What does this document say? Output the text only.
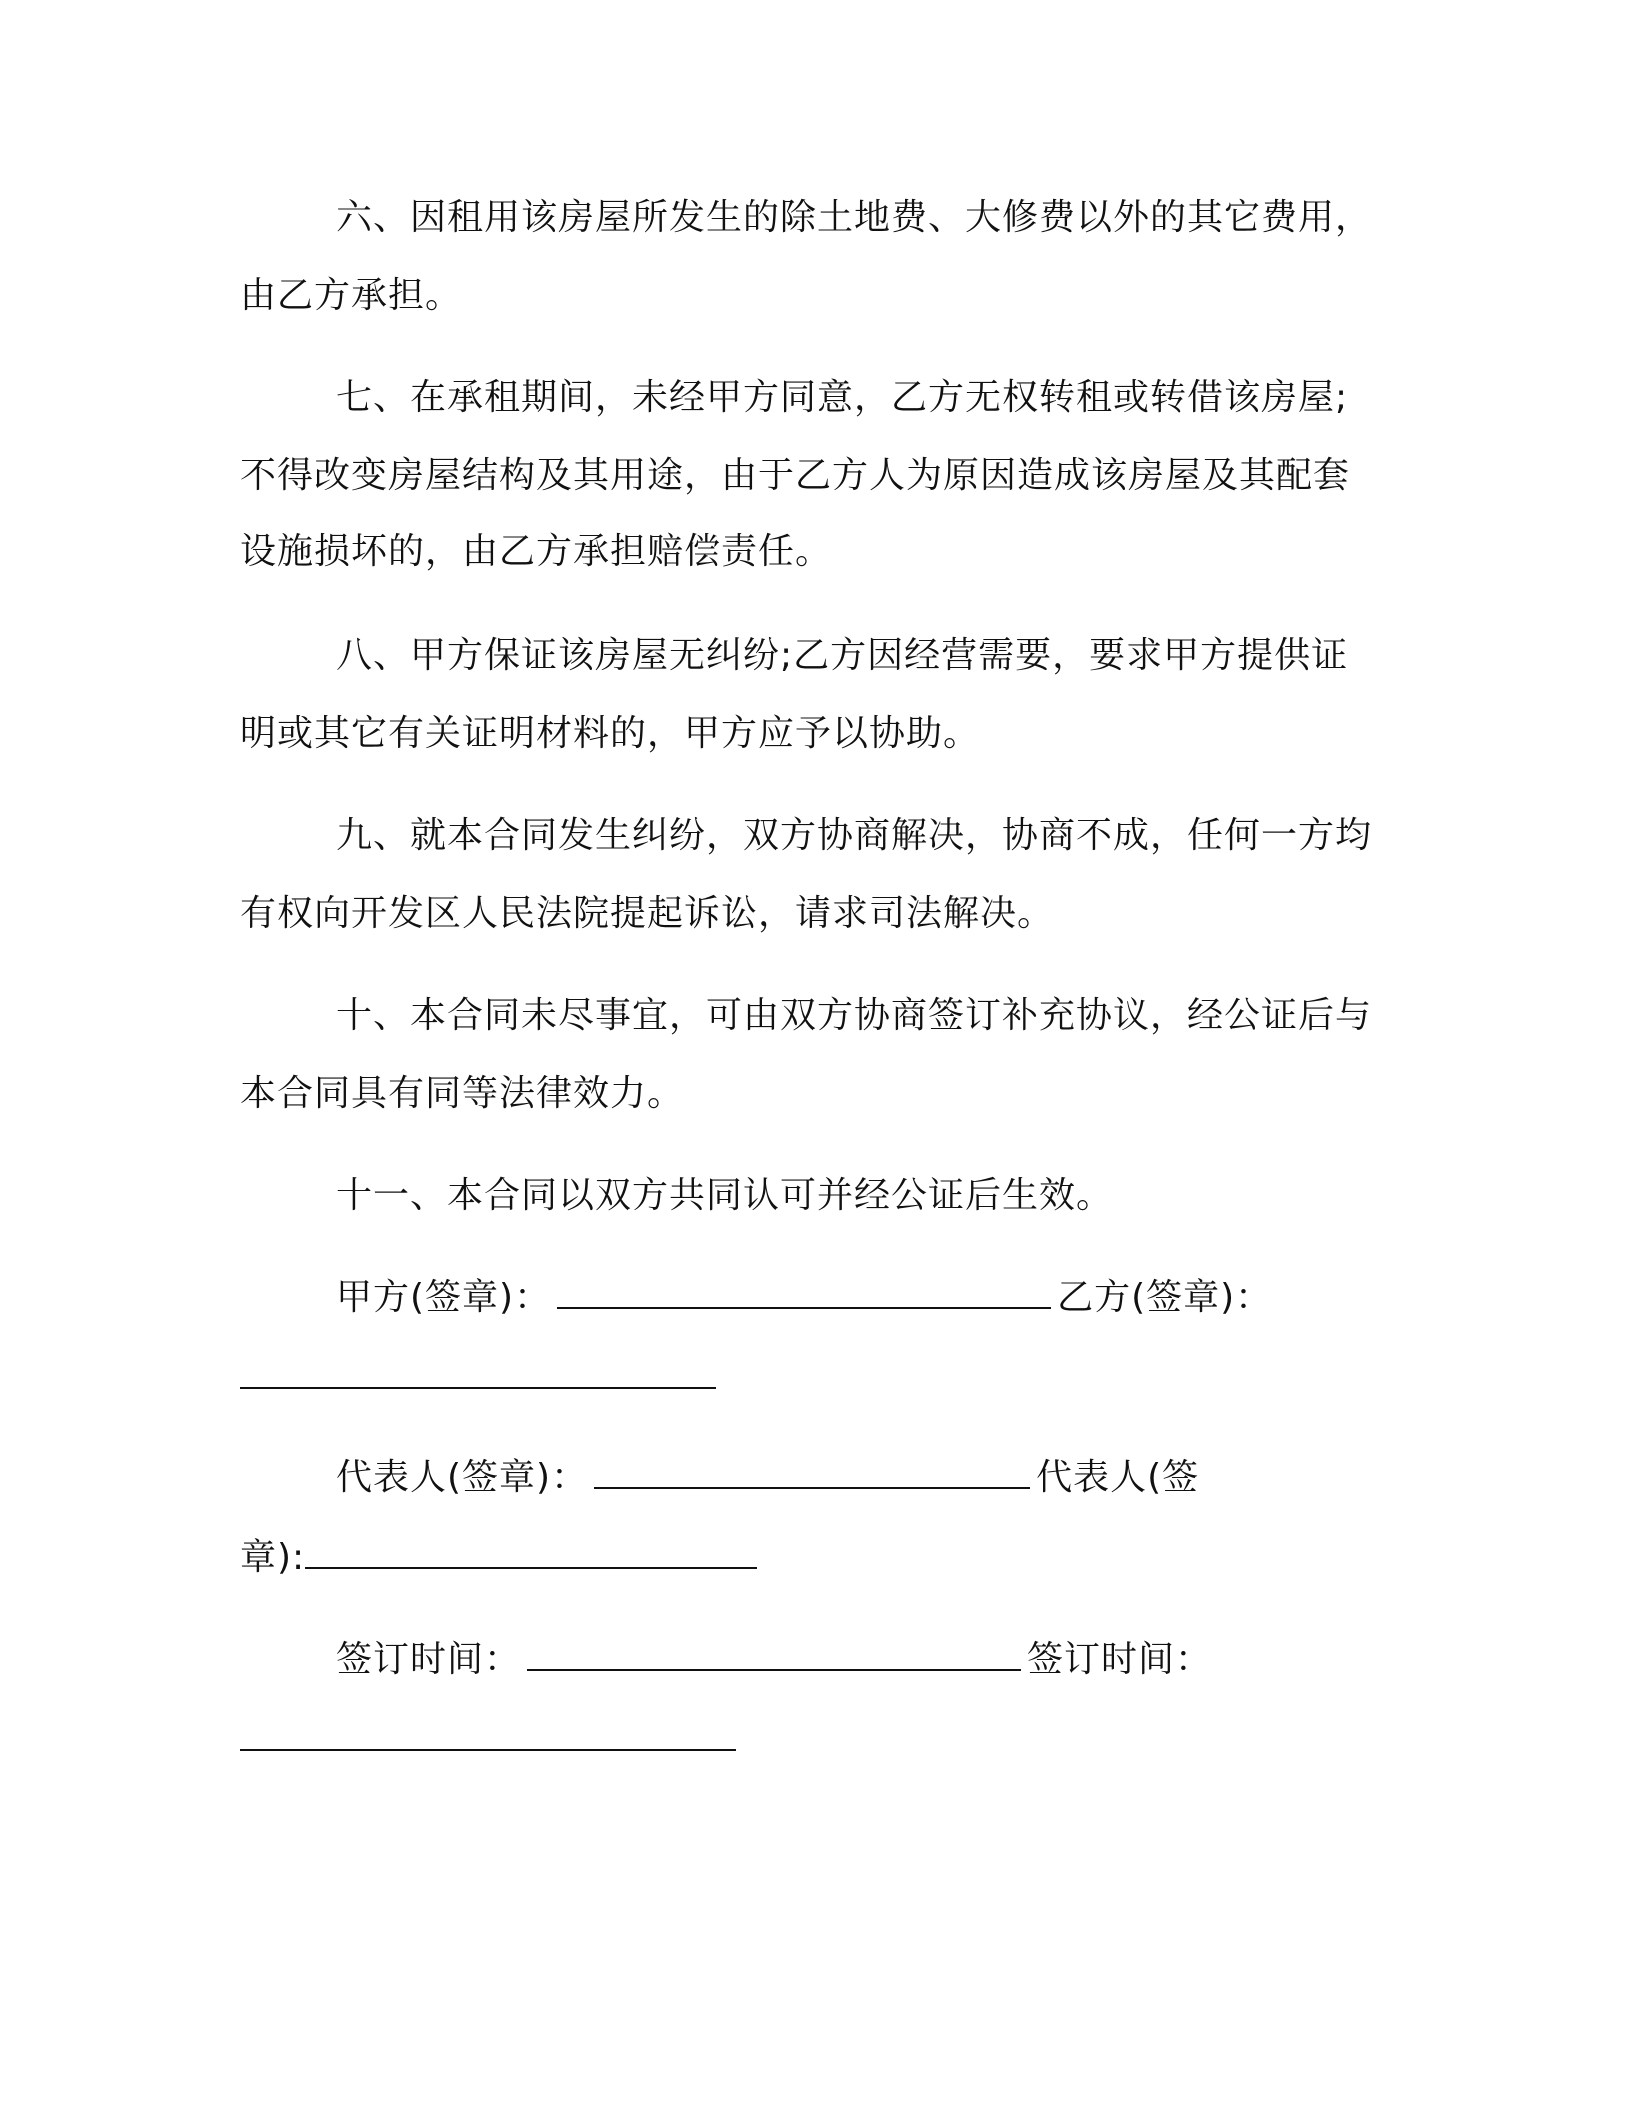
六、因租用该房屋所发生的除土地费、大修费以外的其它费用，
由乙方承担。
七、在承租期间，未经甲方同意，乙方无权转租或转借该房屋;
不得改变房屋结构及其用途，由于乙方人为原因造成该房屋及其配套
设施损坏的，由乙方承担赔偿责任。
八、甲方保证该房屋无纠纷;乙方因经营需要，要求甲方提供证
明或其它有关证明材料的，甲方应予以协助。
九、就本合同发生纠纷，双方协商解决，协商不成，任何一方均
有权向开发区人民法院提起诉讼，请求司法解决。
十、本合同未尽事宜，可由双方协商签订补充协议，经公证后与
本合同具有同等法律效力。
十一、本合同以双方共同认可并经公证后生效。
甲方(签章)：	乙方(签章)：
代表人(签章)：	代表人(签
章):
签订时间：	签订时间：
